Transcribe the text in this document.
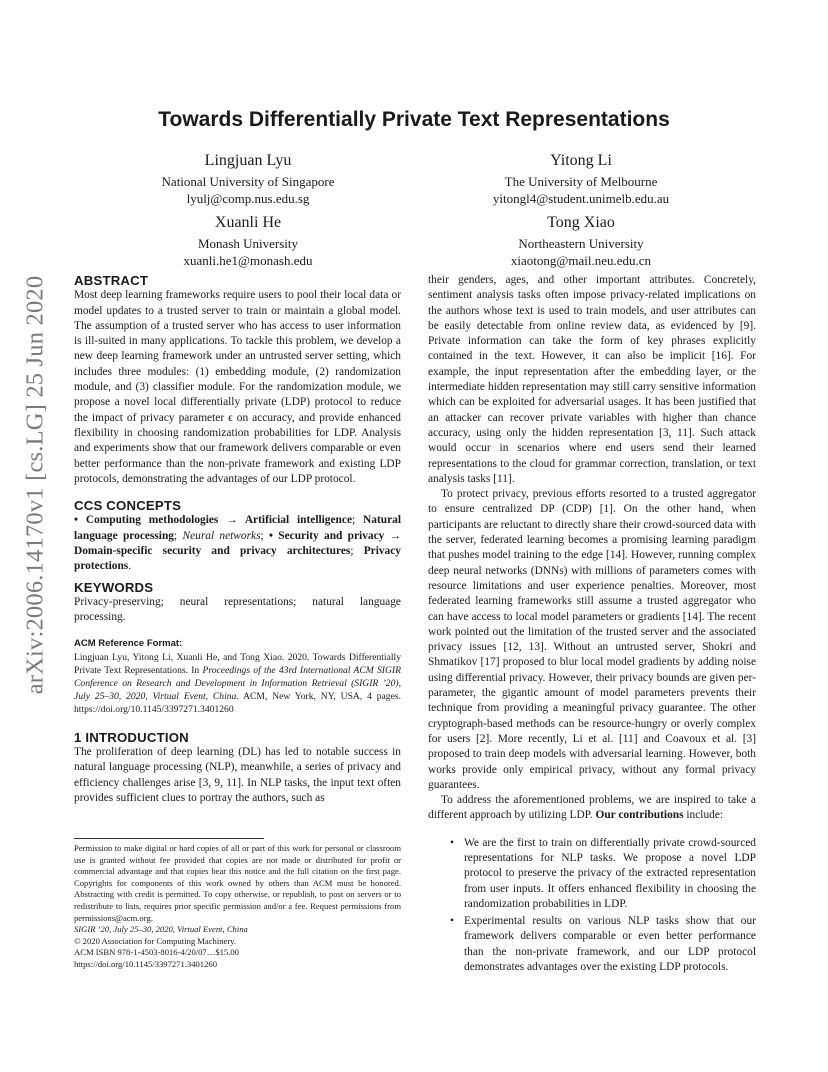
arXiv:2006.14170v1 [cs.LG] 25 Jun 2020
Towards Differentially Private Text Representations
Lingjuan Lyu
National University of Singapore
lyulj@comp.nus.edu.sg
Yitong Li
The University of Melbourne
yitongl4@student.unimelb.edu.au
Xuanli He
Monash University
xuanli.he1@monash.edu
Tong Xiao
Northeastern University
xiaotong@mail.neu.edu.cn
ABSTRACT

Most deep learning frameworks require users to pool their local data or model updates to a trusted server to train or maintain a global model. The assumption of a trusted server who has access to user information is ill-suited in many applications. To tackle this problem, we develop a new deep learning framework under an untrusted server setting, which includes three modules: (1) embedding module, (2) randomization module, and (3) classifier module. For the randomization module, we propose a novel local differentially private (LDP) protocol to reduce the impact of privacy parameter ϵ on accuracy, and provide enhanced flexibility in choosing randomization probabilities for LDP. Analysis and experiments show that our framework delivers comparable or even better performance than the non-private framework and existing LDP protocols, demonstrating the advantages of our LDP protocol.

CCS CONCEPTS

• Computing methodologies → Artificial intelligence; Natural language processing; Neural networks; • Security and privacy → Domain-specific security and privacy architectures; Privacy protections.

KEYWORDS

Privacy-preserving; neural representations; natural language processing.

ACM Reference Format:

Lingjuan Lyu, Yitong Li, Xuanli He, and Tong Xiao. 2020. Towards Differentially Private Text Representations. In Proceedings of the 43rd International ACM SIGIR Conference on Research and Development in Information Retrieval (SIGIR ’20), July 25–30, 2020, Virtual Event, China. ACM, New York, NY, USA, 4 pages. https://doi.org/10.1145/3397271.3401260

1 INTRODUCTION

The proliferation of deep learning (DL) has led to notable success in natural language processing (NLP), meanwhile, a series of privacy and efficiency challenges arise [3, 9, 11]. In NLP tasks, the input text often provides sufficient clues to portray the authors, such as

Permission to make digital or hard copies of all or part of this work for personal or classroom use is granted without fee provided that copies are not made or distributed for profit or commercial advantage and that copies bear this notice and the full citation on the first page. Copyrights for components of this work owned by others than ACM must be honored. Abstracting with credit is permitted. To copy otherwise, or republish, to post on servers or to redistribute to lists, requires prior specific permission and/or a fee. Request permissions from permissions@acm.org.
SIGIR ’20, July 25–30, 2020, Virtual Event, China
© 2020 Association for Computing Machinery.
ACM ISBN 978-1-4503-8016-4/20/07…$15.00
https://doi.org/10.1145/3397271.3401260

their genders, ages, and other important attributes. Concretely, sentiment analysis tasks often impose privacy-related implications on the authors whose text is used to train models, and user attributes can be easily detectable from online review data, as evidenced by [9]. Private information can take the form of key phrases explicitly contained in the text. However, it can also be implicit [16]. For example, the input representation after the embedding layer, or the intermediate hidden representation may still carry sensitive information which can be exploited for adversarial usages. It has been justified that an attacker can recover private variables with higher than chance accuracy, using only the hidden representation [3, 11]. Such attack would occur in scenarios where end users send their learned representations to the cloud for grammar correction, translation, or text analysis tasks [11].

To protect privacy, previous efforts resorted to a trusted aggregator to ensure centralized DP (CDP) [1]. On the other hand, when participants are reluctant to directly share their crowd-sourced data with the server, federated learning becomes a promising learning paradigm that pushes model training to the edge [14]. However, running complex deep neural networks (DNNs) with millions of parameters comes with resource limitations and user experience penalties. Moreover, most federated learning frameworks still assume a trusted aggregator who can have access to local model parameters or gradients [14]. The recent work pointed out the limitation of the trusted server and the associated privacy issues [12, 13]. Without an untrusted server, Shokri and Shmatikov [17] proposed to blur local model gradients by adding noise using differential privacy. However, their privacy bounds are given per-parameter, the gigantic amount of model parameters prevents their technique from providing a meaningful privacy guarantee. The other cryptograph-based methods can be resource-hungry or overly complex for users [2]. More recently, Li et al. [11] and Coavoux et al. [3] proposed to train deep models with adversarial learning. However, both works provide only empirical privacy, without any formal privacy guarantees.

To address the aforementioned problems, we are inspired to take a different approach by utilizing LDP. Our contributions include:

• We are the first to train on differentially private crowd-sourced representations for NLP tasks. We propose a novel LDP protocol to preserve the privacy of the extracted representation from user inputs. It offers enhanced flexibility in choosing the randomization probabilities in LDP.
• Experimental results on various NLP tasks show that our framework delivers comparable or even better performance than the non-private framework, and our LDP protocol demonstrates advantages over the existing LDP protocols.
